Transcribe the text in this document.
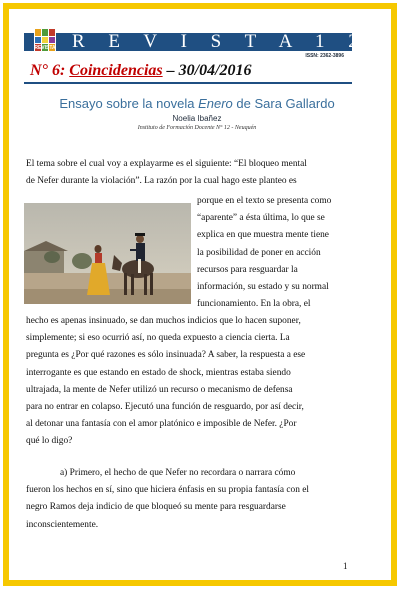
REVISTA R E V I S T A 1 2
ISSN: 2362-3896
N° 6: Coincidencias – 30/04/2016
Ensayo sobre la novela Enero de Sara Gallardo
Noelia Ibañez
Instituto de Formación Docente N° 12 - Neuquén
El tema sobre el cual voy a explayarme es el siguiente: “El bloqueo mental
de Nefer durante la violación”. La razón por la cual hago este planteo es
porque en el texto se presenta como
“aparente” a ésta última, lo que se
explica en que muestra mente tiene
la posibilidad de poner en acción
recursos para resguardar la
información, su estado y su normal
funcionamiento. En la obra, el
hecho es apenas insinuado, se dan muchos indicios que lo hacen suponer,
simplemente; si eso ocurrió así, no queda expuesto a ciencia cierta. La
pregunta es ¿Por qué razones es sólo insinuada? A saber, la respuesta a ese
interrogante es que estando en estado de shock, mientras estaba siendo
ultrajada, la mente de Nefer utilizó un recurso o mecanismo de defensa
para no entrar en colapso. Ejecutó una función de resguardo, por así decir,
al detonar una fantasía con el amor platónico e imposible de Nefer. ¿Por
qué lo digo?
a) Primero, el hecho de que Nefer no recordara o narrara cómo
fueron los hechos en sí, sino que hiciera énfasis en su propia fantasía con el
negro Ramos deja indicio de que bloqueó su mente para resguardarse
inconscientemente.
1
